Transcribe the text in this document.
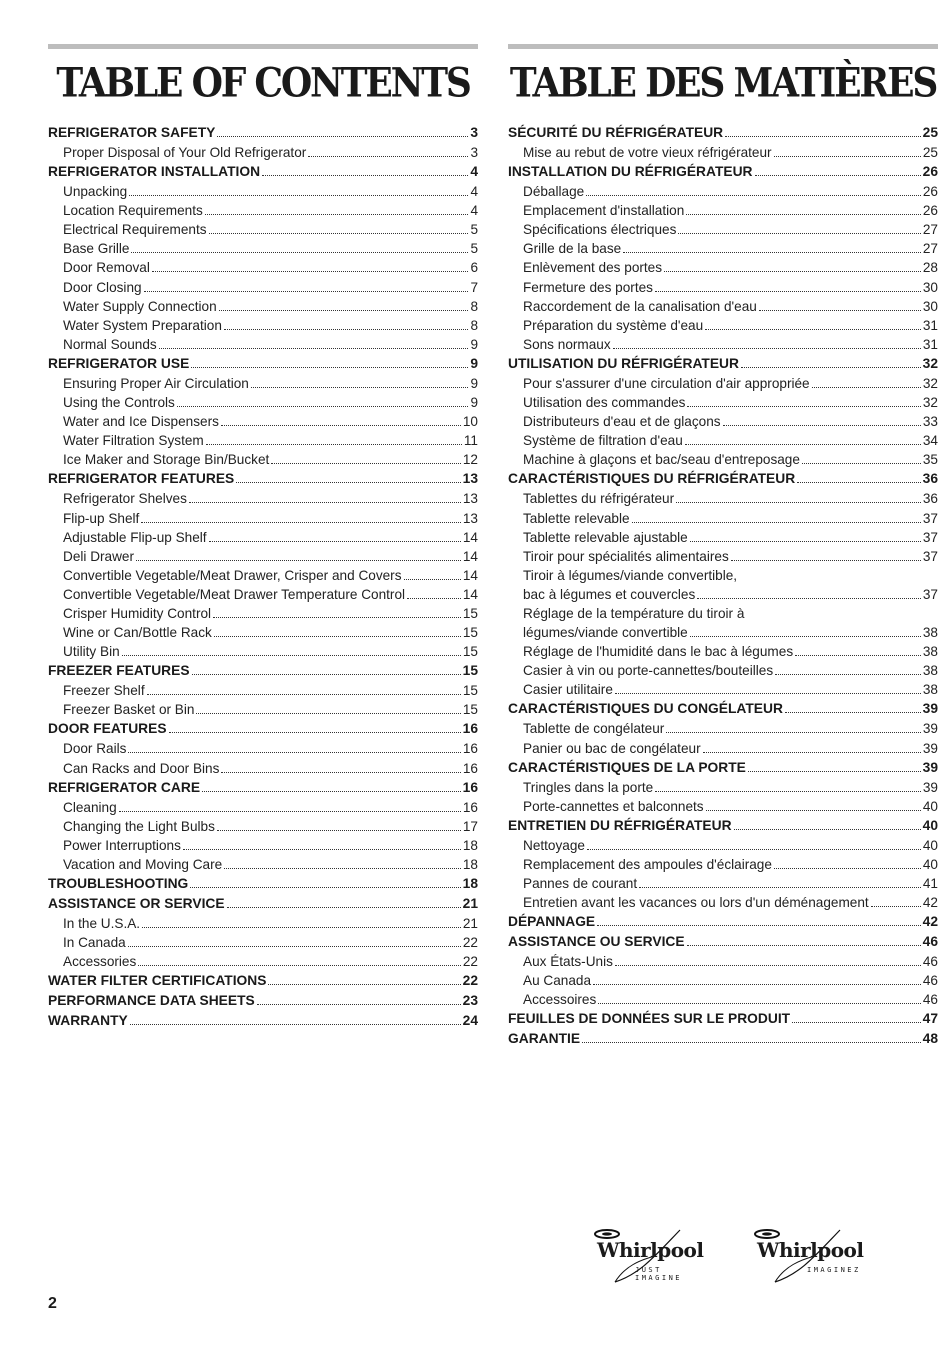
TABLE OF CONTENTS
REFRIGERATOR SAFETY	3
Proper Disposal of Your Old Refrigerator	3
REFRIGERATOR INSTALLATION	4
Unpacking	4
Location Requirements	4
Electrical Requirements	5
Base Grille	5
Door Removal	6
Door Closing	7
Water Supply Connection	8
Water System Preparation	8
Normal Sounds	9
REFRIGERATOR USE	9
Ensuring Proper Air Circulation	9
Using the Controls	9
Water and Ice Dispensers	10
Water Filtration System	11
Ice Maker and Storage Bin/Bucket	12
REFRIGERATOR FEATURES	13
Refrigerator Shelves	13
Flip-up Shelf	13
Adjustable Flip-up Shelf	14
Deli Drawer	14
Convertible Vegetable/Meat Drawer, Crisper and Covers	14
Convertible Vegetable/Meat Drawer Temperature Control	14
Crisper Humidity Control	15
Wine or Can/Bottle Rack	15
Utility Bin	15
FREEZER FEATURES	15
Freezer Shelf	15
Freezer Basket or Bin	15
DOOR FEATURES	16
Door Rails	16
Can Racks and Door Bins	16
REFRIGERATOR CARE	16
Cleaning	16
Changing the Light Bulbs	17
Power Interruptions	18
Vacation and Moving Care	18
TROUBLESHOOTING	18
ASSISTANCE OR SERVICE	21
In the U.S.A.	21
In Canada	22
Accessories	22
WATER FILTER CERTIFICATIONS	22
PERFORMANCE DATA SHEETS	23
WARRANTY	24
TABLE DES MATIÈRES
SÉCURITÉ DU RÉFRIGÉRATEUR	25
Mise au rebut de votre vieux réfrigérateur	25
INSTALLATION DU RÉFRIGÉRATEUR	26
Déballage	26
Emplacement d'installation	26
Spécifications électriques	27
Grille de la base	27
Enlèvement des portes	28
Fermeture des portes	30
Raccordement de la canalisation d'eau	30
Préparation du système d'eau	31
Sons normaux	31
UTILISATION DU RÉFRIGÉRATEUR	32
Pour s'assurer d'une circulation d'air appropriée	32
Utilisation des commandes	32
Distributeurs d'eau et de glaçons	33
Système de filtration d'eau	34
Machine à glaçons et bac/seau d'entreposage	35
CARACTÉRISTIQUES DU RÉFRIGÉRATEUR	36
Tablettes du réfrigérateur	36
Tablette relevable	37
Tablette relevable ajustable	37
Tiroir pour spécialités alimentaires	37
Tiroir à légumes/viande convertible,
bac à légumes et couvercles	37
Réglage de la température du tiroir à
légumes/viande convertible	38
Réglage de l'humidité dans le bac à légumes	38
Casier à vin ou porte-cannettes/bouteilles	38
Casier utilitaire	38
CARACTÉRISTIQUES DU CONGÉLATEUR	39
Tablette de congélateur	39
Panier ou bac de congélateur	39
CARACTÉRISTIQUES DE LA PORTE	39
Tringles dans la porte	39
Porte-cannettes et balconnets	40
ENTRETIEN DU RÉFRIGÉRATEUR	40
Nettoyage	40
Remplacement des ampoules d'éclairage	40
Pannes de courant	41
Entretien avant les vacances ou lors d'un déménagement	42
DÉPANNAGE	42
ASSISTANCE OU SERVICE	46
Aux États-Unis	46
Au Canada	46
Accessoires	46
FEUILLES DE DONNÉES SUR LE PRODUIT	47
GARANTIE	48
Whirlpool
JUST IMAGINE
Whirlpool
IMAGINEZ
2
